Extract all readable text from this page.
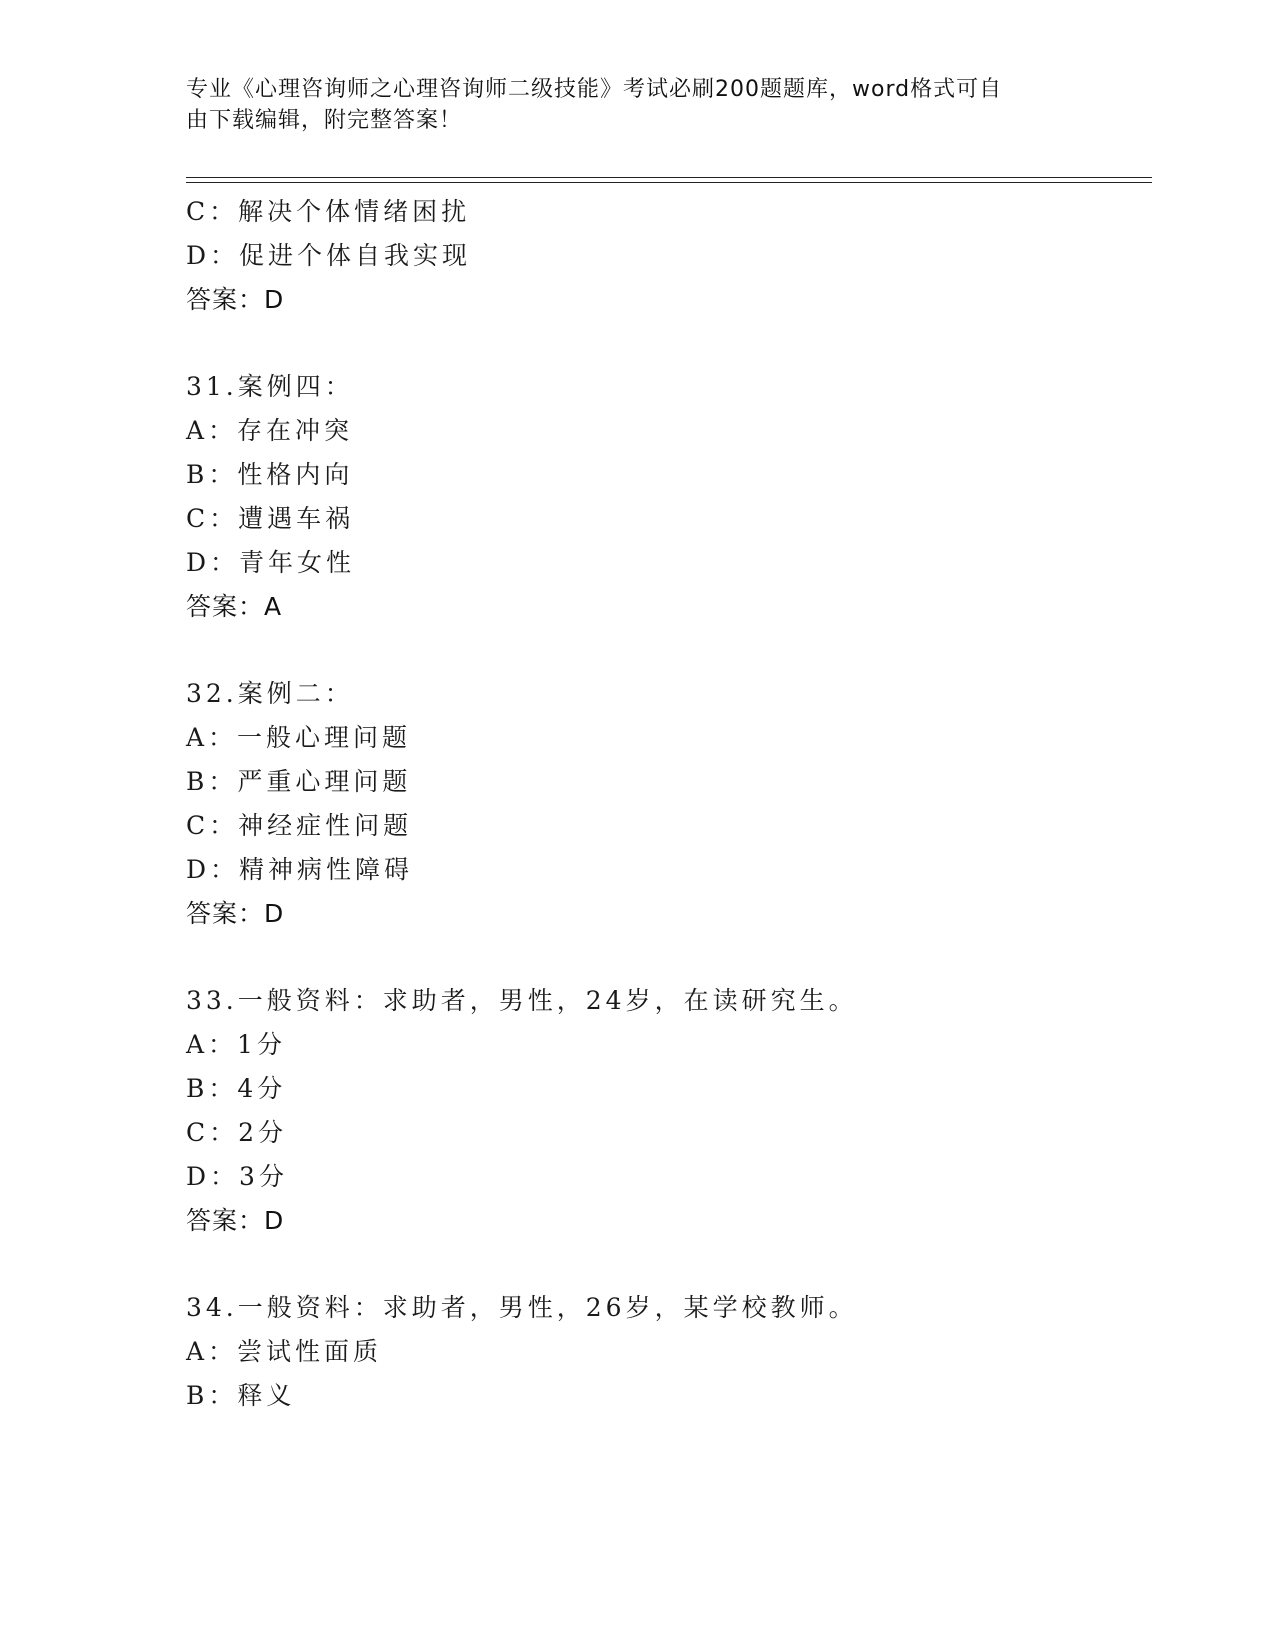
专业《心理咨询师之心理咨询师二级技能》考试必刷200题题库，word格式可自
由下载编辑，附完整答案！
C：解决个体情绪困扰
D：促进个体自我实现
答案：D
31.案例四：
A：存在冲突
B：性格内向
C：遭遇车祸
D：青年女性
答案：A
32.案例二：
A：一般心理问题
B：严重心理问题
C：神经症性问题
D：精神病性障碍
答案：D
33.一般资料：求助者，男性，24岁，在读研究生。
A：1分
B：4分
C：2分
D：3分
答案：D
34.一般资料：求助者，男性，26岁，某学校教师。
A：尝试性面质
B：释义
